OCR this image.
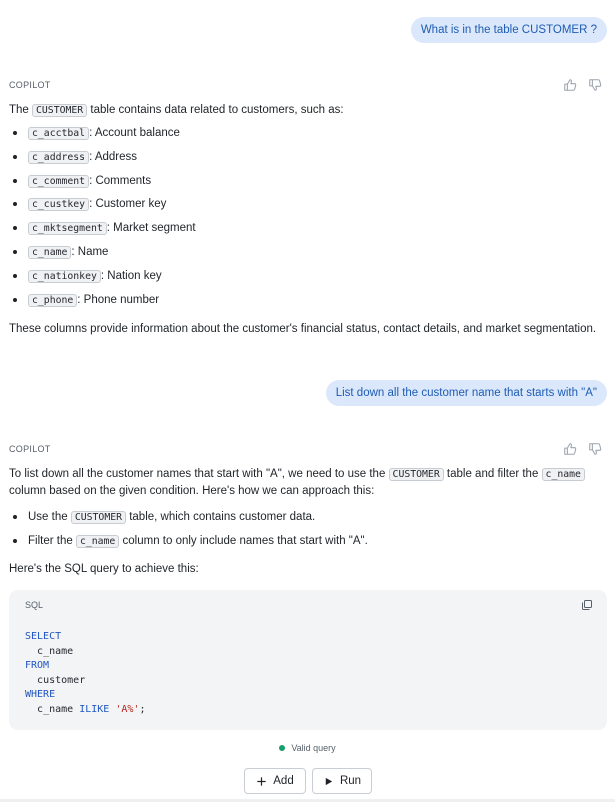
What is in the table CUSTOMER ?
COPILOT

The CUSTOMER table contains data related to customers, such as:

c_acctbal : Account balance
c_address : Address
c_comment : Comments
c_custkey : Customer key
c_mktsegment : Market segment
c_name : Name
c_nationkey : Nation key
c_phone : Phone number

These columns provide information about the customer's financial status, contact details, and market segmentation.

List down all the customer name that starts with "A"
COPILOT

To list down all the customer names that start with "A", we need to use the CUSTOMER table and filter the c_name column based on the given condition. Here's how we can approach this:

Use the CUSTOMER table, which contains customer data.
Filter the c_name column to only include names that start with "A".

Here's the SQL query to achieve this:

SQL
SELECT
c_name
FROM
customer
WHERE
c_name ILIKE 'A%';
Valid query
Add	Run
